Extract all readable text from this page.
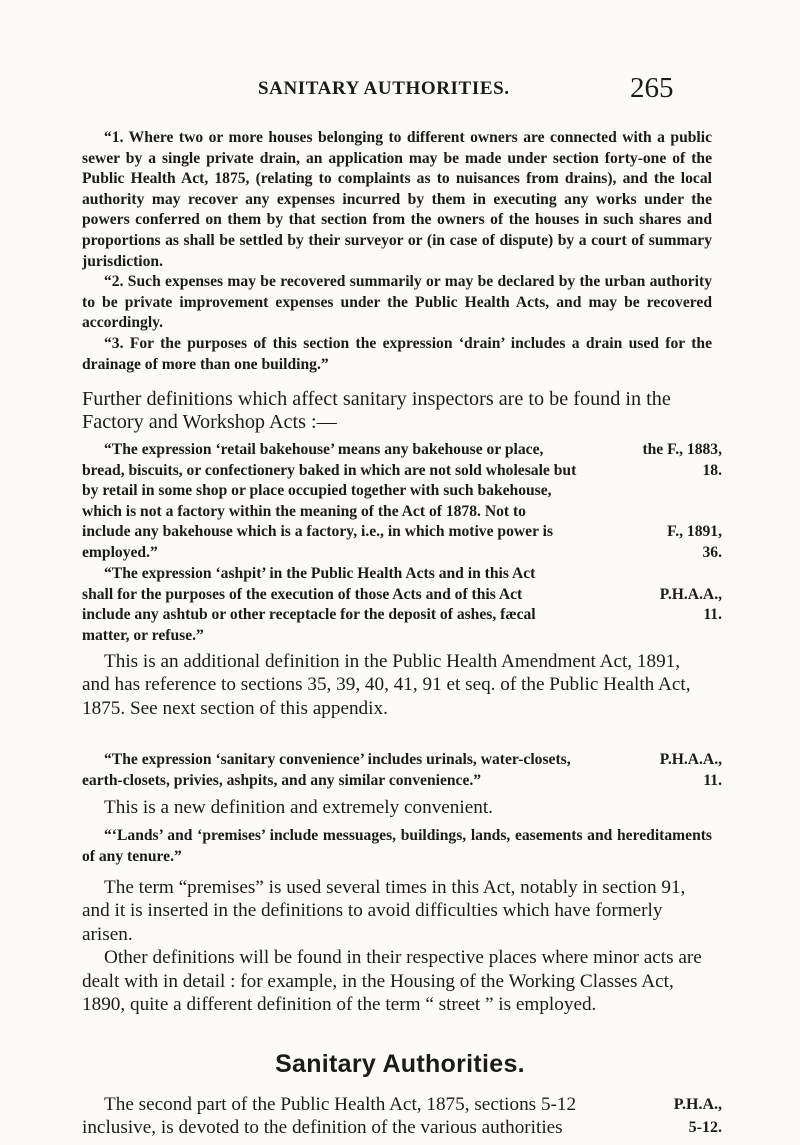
SANITARY AUTHORITIES.	265

“1. Where two or more houses belonging to different owners are connected with a public sewer by a single private drain, an application may be made under section forty-one of the Public Health Act, 1875, (relating to complaints as to nuisances from drains), and the local authority may recover any expenses incurred by them in executing any works under the powers conferred on them by that section from the owners of the houses in such shares and proportions as shall be settled by their surveyor or (in case of dispute) by a court of summary jurisdiction.

“2. Such expenses may be recovered summarily or may be declared by the urban authority to be private improvement expenses under the Public Health Acts, and may be recovered accordingly.

“3. For the purposes of this section the expression ‘drain’ includes a drain used for the drainage of more than one building.”

Further definitions which affect sanitary inspectors are to be found in the Factory and Workshop Acts :—

“The expression ‘retail bakehouse’ means any bakehouse or place,	the F., 1883,
bread, biscuits, or confectionery baked in which are not sold wholesale but	18.
by retail in some shop or place occupied together with such bakehouse,
which is not a factory within the meaning of the Act of 1878. Not to
include any bakehouse which is a factory, i.e., in which motive power is	F., 1891,
employed.”	36.
“The expression ‘ashpit’ in the Public Health Acts and in this Act
shall for the purposes of the execution of those Acts and of this Act	P.H.A.A.,
include any ashtub or other receptacle for the deposit of ashes, fæcal	11.
matter, or refuse.”

This is an additional definition in the Public Health Amendment Act, 1891, and has reference to sections 35, 39, 40, 41, 91 et seq. of the Public Health Act, 1875. See next section of this appendix.

“The expression ‘sanitary convenience’ includes urinals, water-closets,	P.H.A.A.,
earth-closets, privies, ashpits, and any similar convenience.”	11.

This is a new definition and extremely convenient.

“‘Lands’ and ‘premises’ include messuages, buildings, lands, easements and hereditaments of any tenure.”

The term “premises” is used several times in this Act, notably in section 91, and it is inserted in the definitions to avoid difficulties which have formerly arisen.

Other definitions will be found in their respective places where minor acts are dealt with in detail : for example, in the Housing of the Working Classes Act, 1890, quite a different definition of the term “ street ” is employed.

Sanitary Authorities.
The second part of the Public Health Act, 1875, sections 5-12	P.H.A.,
inclusive, is devoted to the definition of the various authorities	5-12.
